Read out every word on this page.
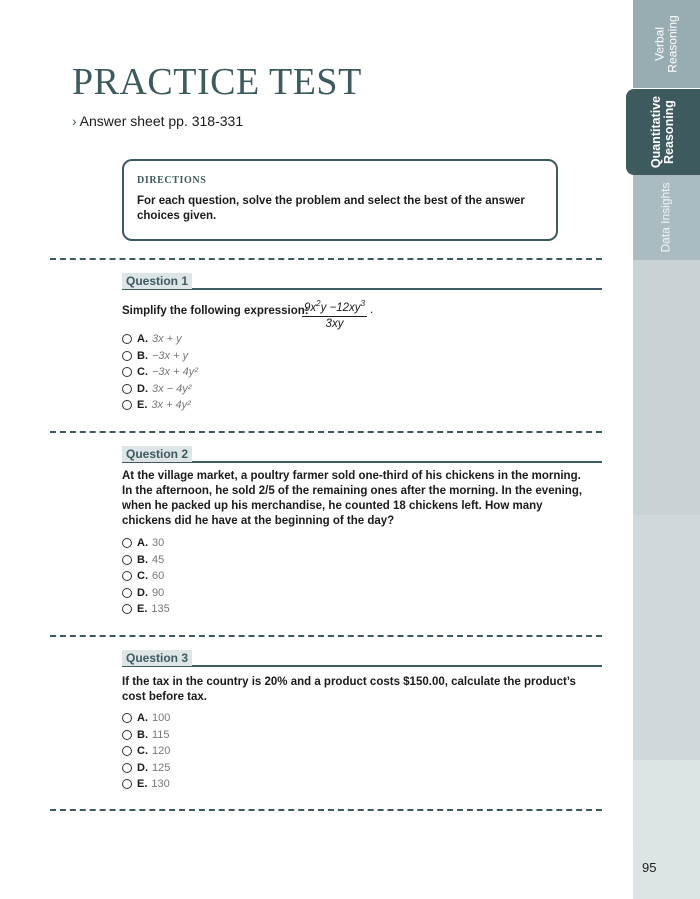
PRACTICE TEST
› Answer sheet pp. 318-331
DIRECTIONS
For each question, solve the problem and select the best of the answer choices given.
Question 1
Simplify the following expression:
$\frac{9x^2y -12xy^3}{3xy}$ .
A. 3x + y
B. −3x + y
C. −3x + 4y²
D. 3x − 4y²
E. 3x + 4y²
Question 2
At the village market, a poultry farmer sold one-third of his chickens in the morning. In the afternoon, he sold 2/5 of the remaining ones after the morning. In the evening, when he packed up his merchandise, he counted 18 chickens left. How many chickens did he have at the beginning of the day?
A. 30
B. 45
C. 60
D. 90
E. 135
Question 3
If the tax in the country is 20% and a product costs $150.00, calculate the product’s cost before tax.
A. 100
B. 115
C. 120
D. 125
E. 130
Verbal Reasoning
Quantitative Reasoning
Data Insights
95
